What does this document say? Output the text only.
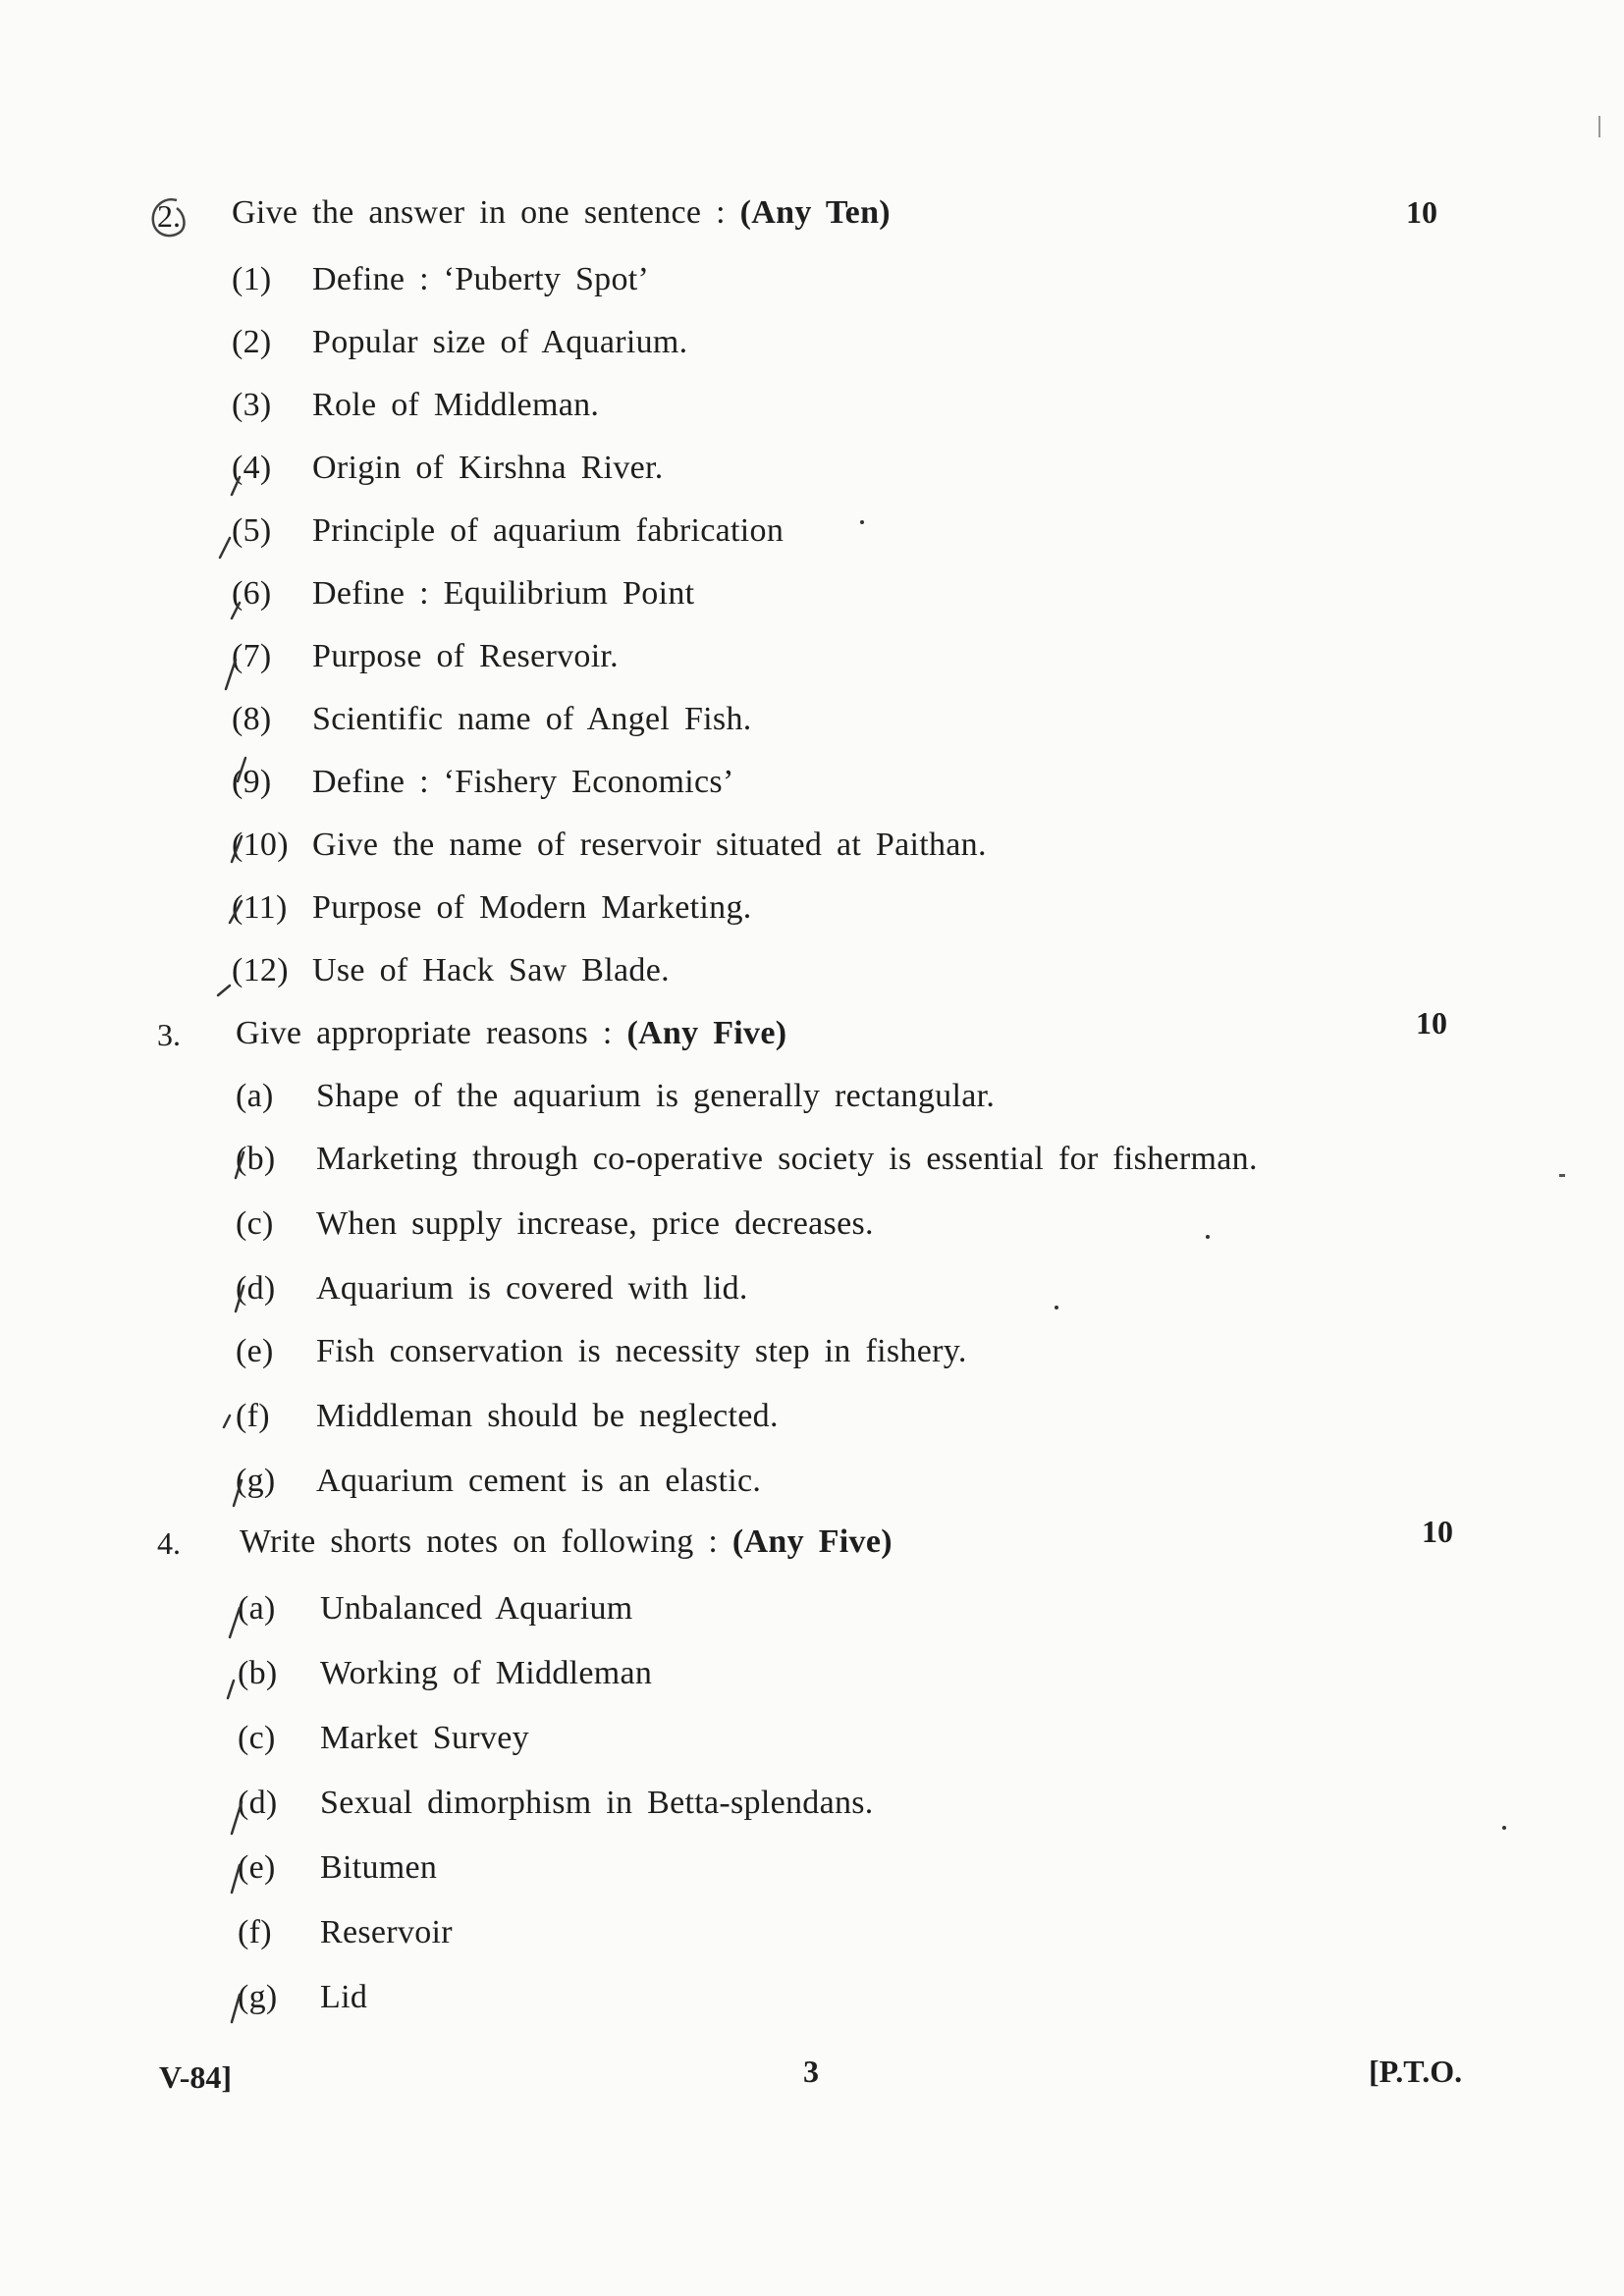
2. Give the answer in one sentence : (Any Ten)	10
(1) Define : ‘Puberty Spot’
(2) Popular size of Aquarium.
(3) Role of Middleman.
(4) Origin of Kirshna River.
(5) Principle of aquarium fabrication
(6) Define : Equilibrium Point
(7) Purpose of Reservoir.
(8) Scientific name of Angel Fish.
(9) Define : ‘Fishery Economics’
(10) Give the name of reservoir situated at Paithan.
(11) Purpose of Modern Marketing.
(12) Use of Hack Saw Blade.
3. Give appropriate reasons : (Any Five)	10
(a) Shape of the aquarium is generally rectangular.
(b) Marketing through co-operative society is essential for fisherman.
(c) When supply increase, price decreases.
(d) Aquarium is covered with lid.
(e) Fish conservation is necessity step in fishery.
(f) Middleman should be neglected.
(g) Aquarium cement is an elastic.
4. Write shorts notes on following : (Any Five)	10
(a) Unbalanced Aquarium
(b) Working of Middleman
(c) Market Survey
(d) Sexual dimorphism in Betta-splendans.
(e) Bitumen
(f) Reservoir
(g) Lid
V-84]	3	[P.T.O.
